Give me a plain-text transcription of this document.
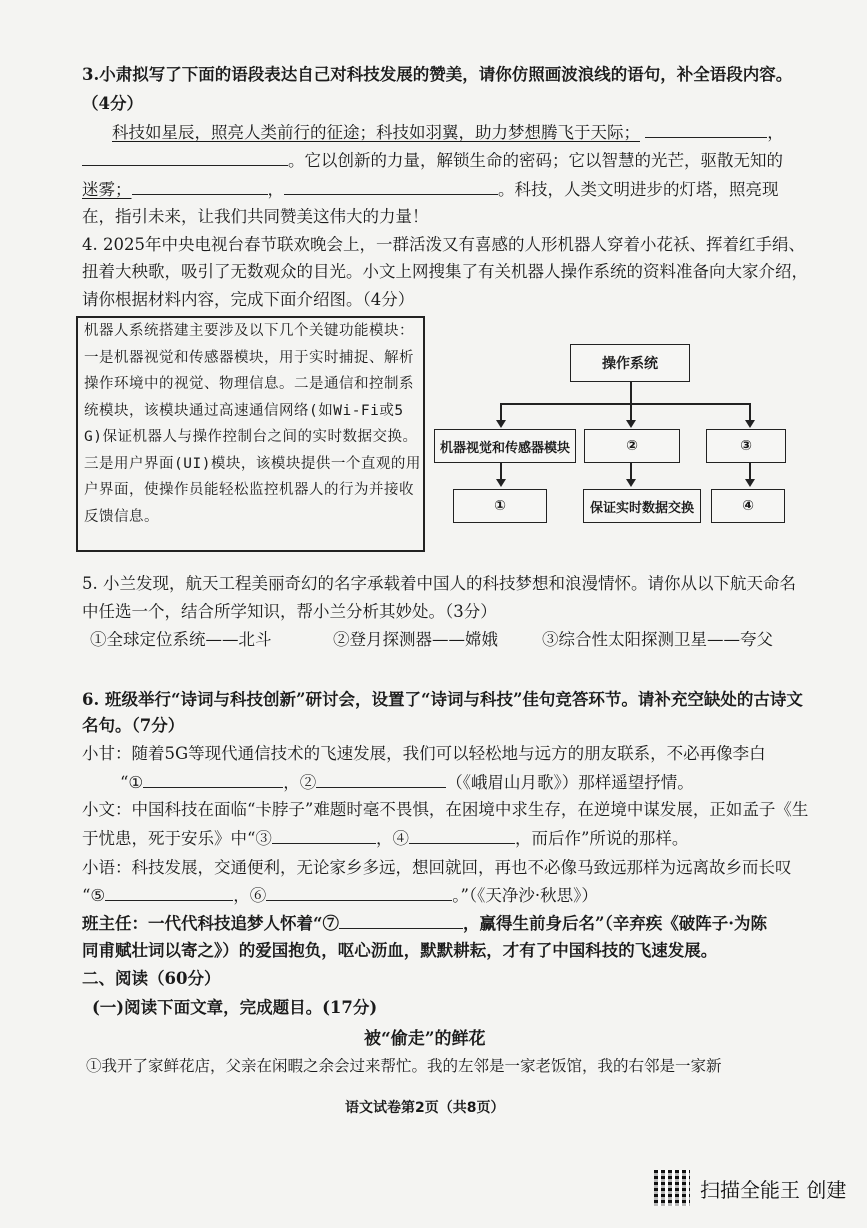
3.小肃拟写了下面的语段表达自己对科技发展的赞美，请你仿照画波浪线的语句，补全语段内容。
（4分）
科技如星辰，照亮人类前行的征途；科技如羽翼，助力梦想腾飞于天际；	，
。它以创新的力量，解锁生命的密码；它以智慧的光芒，驱散无知的
迷雾；	，	。科技，人类文明进步的灯塔，照亮现
在，指引未来，让我们共同赞美这伟大的力量！
4. 2025年中央电视台春节联欢晚会上，一群活泼又有喜感的人形机器人穿着小花袄、挥着红手绢、
扭着大秧歌，吸引了无数观众的目光。小文上网搜集了有关机器人操作系统的资料准备向大家介绍，
请你根据材料内容，完成下面介绍图。（4分）
机器人系统搭建主要涉及以下几个关键功能模块：一是机器视觉和传感器模块，用于实时捕捉、解析操作环境中的视觉、物理信息。二是通信和控制系统模块，该模块通过高速通信网络(如Wi-Fi或5G)保证机器人与操作控制台之间的实时数据交换。三是用户界面(UI)模块，该模块提供一个直观的用户界面，使操作员能轻松监控机器人的行为并接收反馈信息。
操作系统
机器视觉和传感器模块	②	③
①	保证实时数据交换	④
5. 小兰发现，航天工程美丽奇幻的名字承载着中国人的科技梦想和浪漫情怀。请你从以下航天命名
中任选一个，结合所学知识，帮小兰分析其妙处。（3分）
①全球定位系统——北斗	②登月探测器——嫦娥	③综合性太阳探测卫星——夸父
6. 班级举行“诗词与科技创新”研讨会，设置了“诗词与科技”佳句竞答环节。请补充空缺处的古诗文
名句。（7分）
小甘：随着5G等现代通信技术的飞速发展，我们可以轻松地与远方的朋友联系，不必再像李白
“①	，②	（《峨眉山月歌》）那样遥望抒情。
小文：中国科技在面临“卡脖子”难题时毫不畏惧，在困境中求生存，在逆境中谋发展，正如孟子《生
于忧患，死于安乐》中“③	，④	，而后作”所说的那样。
小语：科技发展，交通便利，无论家乡多远，想回就回，再也不必像马致远那样为远离故乡而长叹
“⑤	，⑥	。”（《天净沙·秋思》）
班主任：一代代科技追梦人怀着“⑦	，赢得生前身后名”（辛弃疾《破阵子·为陈
同甫赋壮词以寄之》）的爱国抱负，呕心沥血，默默耕耘，才有了中国科技的飞速发展。
二、阅读（60分）
(一)阅读下面文章，完成题目。(17分)
被“偷走”的鲜花
①我开了家鲜花店，父亲在闲暇之余会过来帮忙。我的左邻是一家老饭馆，我的右邻是一家新
语文试卷第2页（共8页）
扫描全能王 创建
